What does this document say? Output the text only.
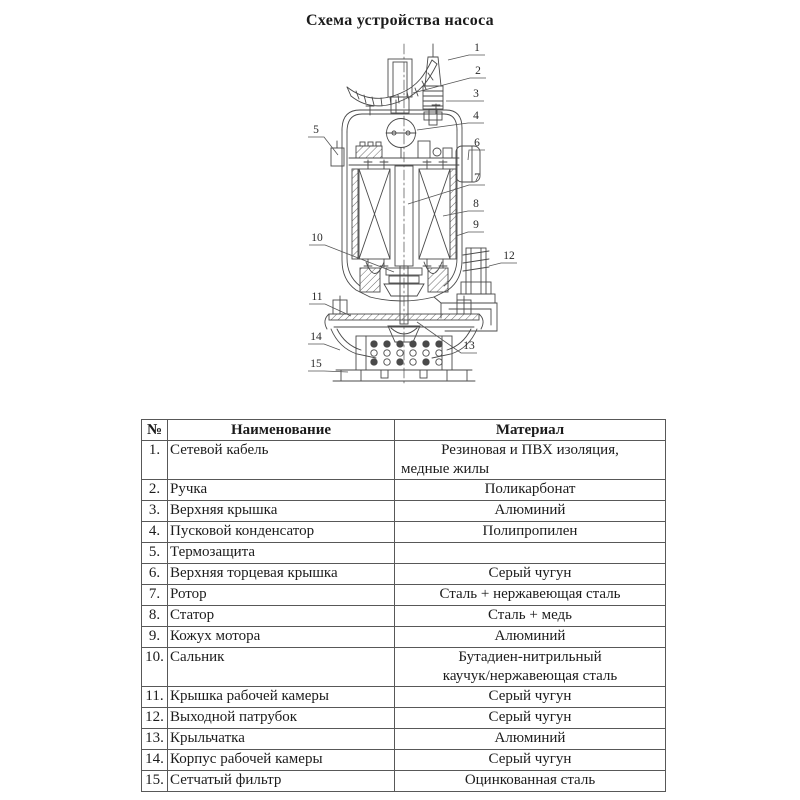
Схема устройства насоса
1
2
3
4
5
6
7
8
9
10
11
12
13
14
15
№	Наименование	Материал
1.	Сетевой кабель	Резиновая и ПВХ изоляция,
медные жилы

2.	Ручка	Поликарбонат

3.	Верхняя крышка	Алюминий

4.	Пусковой конденсатор	Полипропилен

5.	Термозащита	
6.	Верхняя торцевая крышка	Серый чугун

7.	Ротор	Сталь + нержавеющая сталь

8.	Статор	Сталь + медь

9.	Кожух мотора	Алюминий

10.	Сальник	Бутадиен-нитрильный
каучук/нержавеющая сталь

11.	Крышка рабочей камеры	Серый чугун

12.	Выходной патрубок	Серый чугун

13.	Крыльчатка	Алюминий

14.	Корпус рабочей камеры	Серый чугун

15.	Сетчатый фильтр	Оцинкованная сталь
